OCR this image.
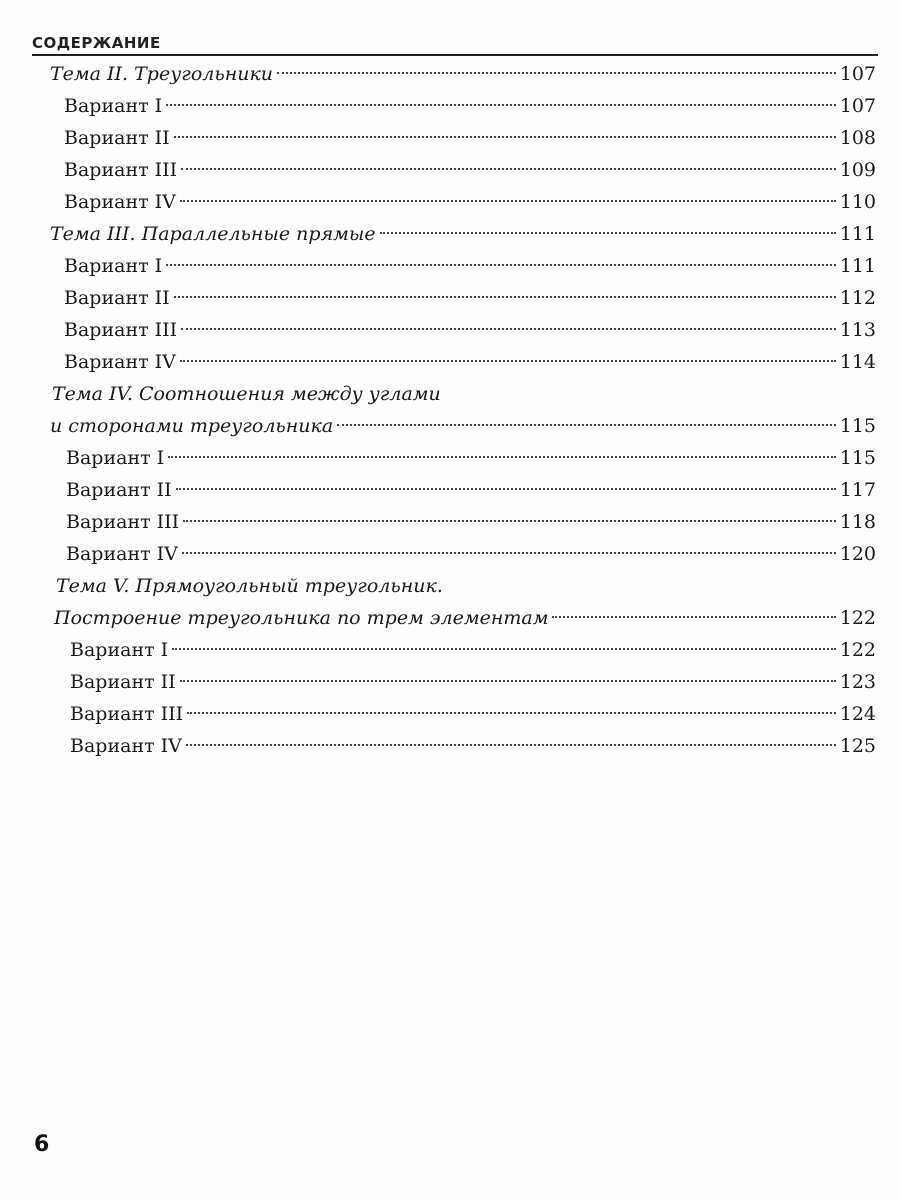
СОДЕРЖАНИЕ
Тема II. Треугольники	107
Вариант I	107
Вариант II	108
Вариант III	109
Вариант IV	110
Тема III. Параллельные прямые	111
Вариант I	111
Вариант II	112
Вариант III	113
Вариант IV	114
Тема IV. Соотношения между углами
и сторонами треугольника	115
Вариант I	115
Вариант II	117
Вариант III	118
Вариант IV	120
Тема V. Прямоугольный треугольник.
Построение треугольника по трем элементам	122
Вариант I	122
Вариант II	123
Вариант III	124
Вариант IV	125
6
